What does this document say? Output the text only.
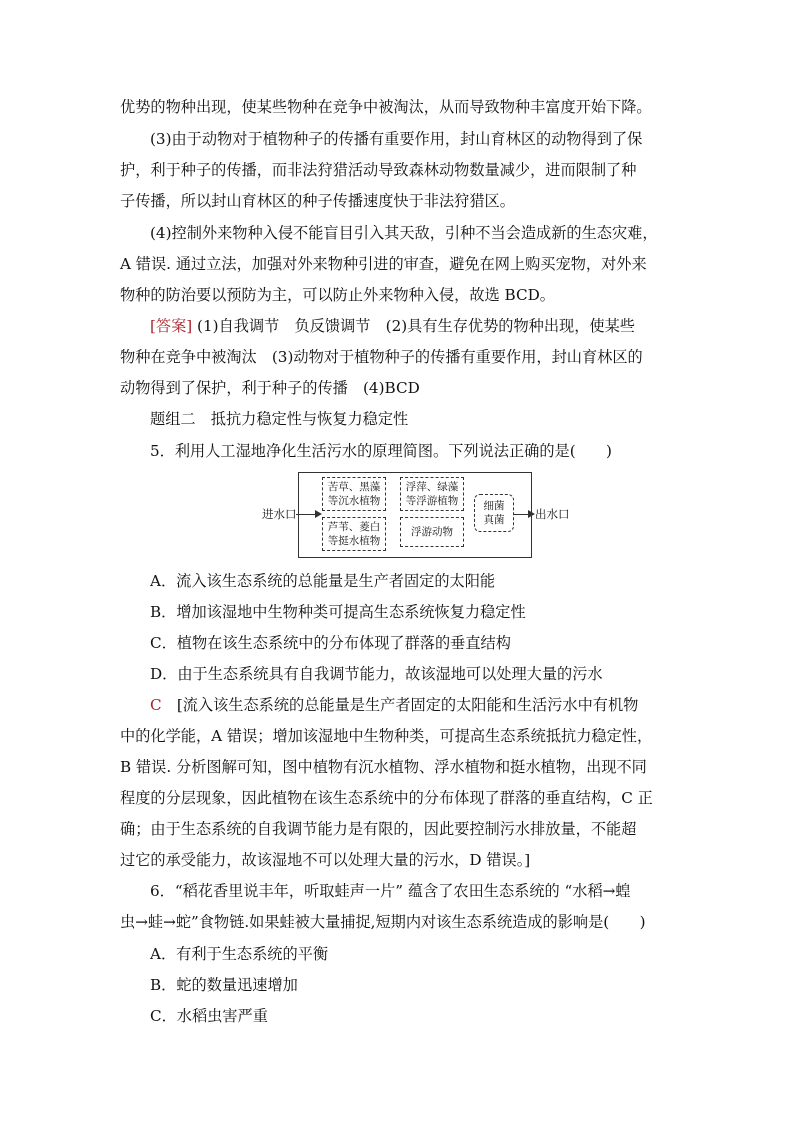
优势的物种出现，使某些物种在竞争中被淘汰，从而导致物种丰富度开始下降。
(3)由于动物对于植物种子的传播有重要作用，封山育林区的动物得到了保
护，利于种子的传播，而非法狩猎活动导致森林动物数量减少，进而限制了种
子传播，所以封山育林区的种子传播速度快于非法狩猎区。
(4)控制外来物种入侵不能盲目引入其天敌，引种不当会造成新的生态灾难，
A 错误. 通过立法，加强对外来物种引进的审查，避免在网上购买宠物，对外来
物种的防治要以预防为主，可以防止外来物种入侵，故选 BCD。
[答案] (1)自我调节　负反馈调节　(2)具有生存优势的物种出现，使某些
物种在竞争中被淘汰　(3)动物对于植物种子的传播有重要作用，封山育林区的
动物得到了保护，利于种子的传播　(4)BCD
题组二　抵抗力稳定性与恢复力稳定性
5．利用人工湿地净化生活污水的原理简图。下列说法正确的是(　　)
进水口
苦草、黑藻
等沉水植物
浮萍、绿藻
等浮游植物
芦苇、菱白
等挺水植物
浮游动物
细菌
真菌	出水口
A．流入该生态系统的总能量是生产者固定的太阳能
B．增加该湿地中生物种类可提高生态系统恢复力稳定性
C．植物在该生态系统中的分布体现了群落的垂直结构
D．由于生态系统具有自我调节能力，故该湿地可以处理大量的污水
C　[流入该生态系统的总能量是生产者固定的太阳能和生活污水中有机物
中的化学能，A 错误；增加该湿地中生物种类，可提高生态系统抵抗力稳定性，
B 错误. 分析图解可知，图中植物有沉水植物、浮水植物和挺水植物，出现不同
程度的分层现象，因此植物在该生态系统中的分布体现了群落的垂直结构，C 正
确；由于生态系统的自我调节能力是有限的，因此要控制污水排放量，不能超
过它的承受能力，故该湿地不可以处理大量的污水，D 错误。]
6．“稻花香里说丰年，听取蛙声一片” 蕴含了农田生态系统的 “水稻→蝗
虫→蛙→蛇”食物链.如果蛙被大量捕捉,短期内对该生态系统造成的影响是(　　)
A．有利于生态系统的平衡
B．蛇的数量迅速增加
C．水稻虫害严重
